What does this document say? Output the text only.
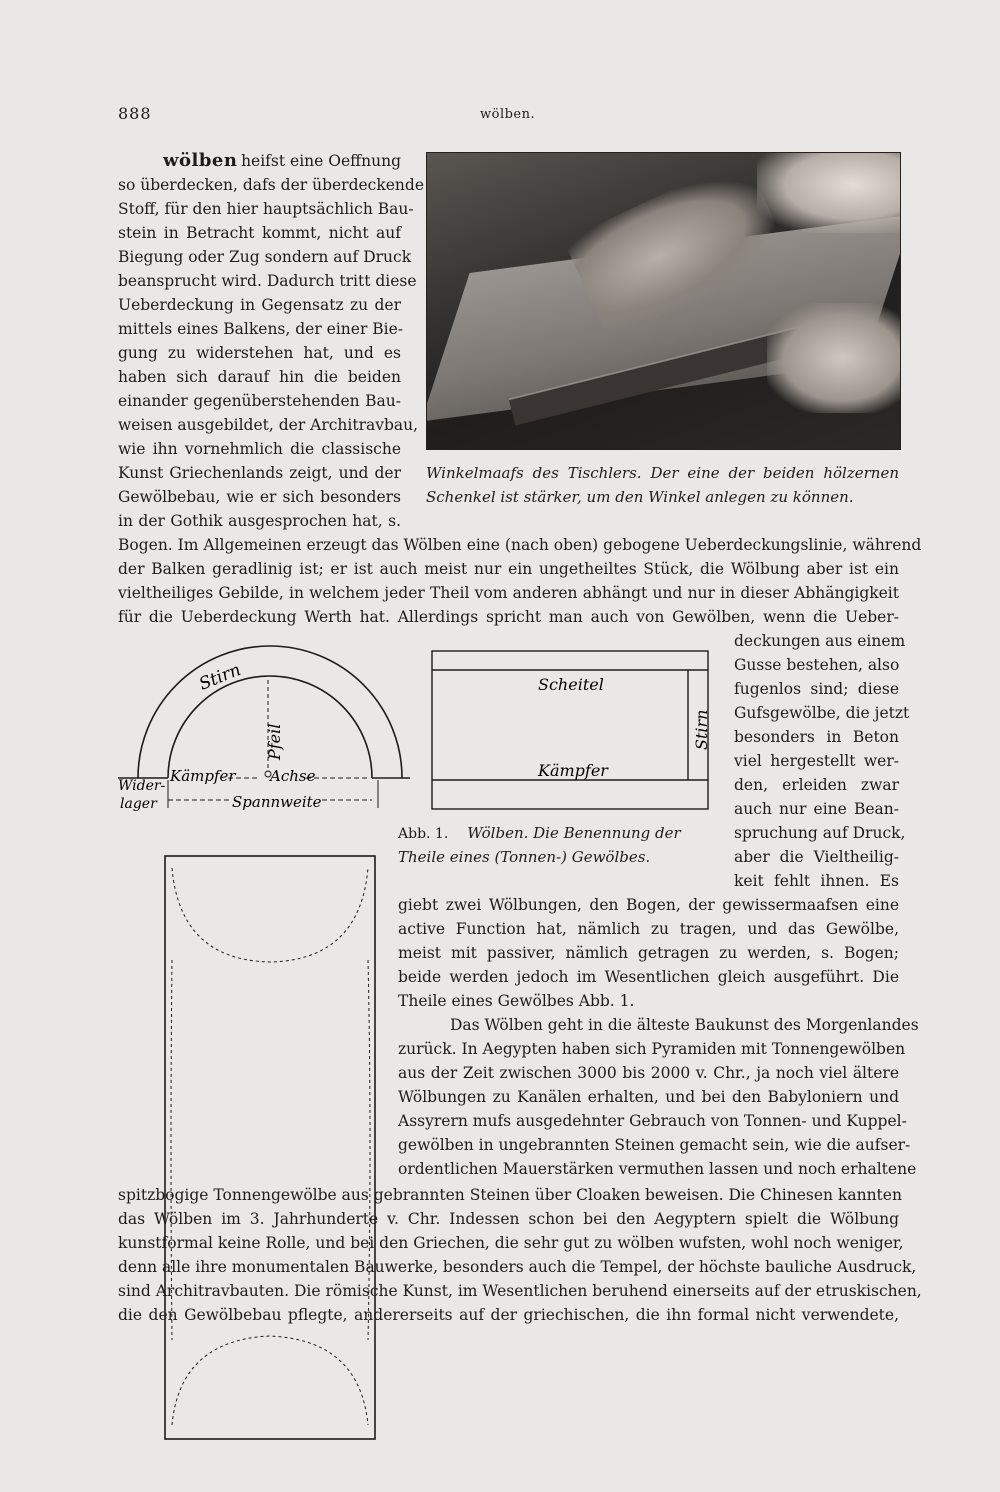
888	wölben.
wölben heifst eine Oeffnung
so überdecken, dafs der überdeckende
Stoff, für den hier hauptsächlich Bau-
stein in Betracht kommt, nicht auf
Biegung oder Zug sondern auf Druck
beansprucht wird. Dadurch tritt diese
Ueberdeckung in Gegensatz zu der
mittels eines Balkens, der einer Bie-
gung zu widerstehen hat, und es
haben sich darauf hin die beiden
einander gegenüberstehenden Bau-
weisen ausgebildet, der Architravbau,
wie ihn vornehmlich die classische
Kunst Griechenlands zeigt, und der
Gewölbebau, wie er sich besonders
in der Gothik ausgesprochen hat, s.
Winkelmaafs des Tischlers. Der eine der beiden hölzernen
Schenkel ist stärker, um den Winkel anlegen zu können.
Bogen. Im Allgemeinen erzeugt das Wölben eine (nach oben) gebogene Ueberdeckungslinie, während
der Balken geradlinig ist; er ist auch meist nur ein ungetheiltes Stück, die Wölbung aber ist ein
vieltheiliges Gebilde, in welchem jeder Theil vom anderen abhängt und nur in dieser Abhängigkeit
für die Ueberdeckung Werth hat. Allerdings spricht man auch von Gewölben, wenn die Ueber-
deckungen aus einem
Gusse bestehen, also
fugenlos sind; diese
Gufsgewölbe, die jetzt
besonders in Beton
viel hergestellt wer-
den, erleiden zwar
auch nur eine Bean-
spruchung auf Druck,
aber die Vieltheilig-
keit fehlt ihnen. Es
Stirn
Pfeil
Kämpfer Achse
Wider-
lager	Spannweite
Scheitel
Kämpfer
Stirn
Abb. 1. Wölben. Die Benennung der
Theile eines (Tonnen-) Gewölbes.
giebt zwei Wölbungen, den Bogen, der gewissermaafsen eine
active Function hat, nämlich zu tragen, und das Gewölbe,
meist mit passiver, nämlich getragen zu werden, s. Bogen;
beide werden jedoch im Wesentlichen gleich ausgeführt. Die
Theile eines Gewölbes Abb. 1.
Das Wölben geht in die älteste Baukunst des Morgenlandes
zurück. In Aegypten haben sich Pyramiden mit Tonnengewölben
aus der Zeit zwischen 3000 bis 2000 v. Chr., ja noch viel ältere
Wölbungen zu Kanälen erhalten, und bei den Babyloniern und
Assyrern mufs ausgedehnter Gebrauch von Tonnen- und Kuppel-
gewölben in ungebrannten Steinen gemacht sein, wie die aufser-
ordentlichen Mauerstärken vermuthen lassen und noch erhaltene
spitzbogige Tonnengewölbe aus gebrannten Steinen über Cloaken beweisen. Die Chinesen kannten
das Wölben im 3. Jahrhunderte v. Chr. Indessen schon bei den Aegyptern spielt die Wölbung
kunstformal keine Rolle, und bei den Griechen, die sehr gut zu wölben wufsten, wohl noch weniger,
denn alle ihre monumentalen Bauwerke, besonders auch die Tempel, der höchste bauliche Ausdruck,
sind Architravbauten. Die römische Kunst, im Wesentlichen beruhend einerseits auf der etruskischen,
die den Gewölbebau pflegte, andererseits auf der griechischen, die ihn formal nicht verwendete,
